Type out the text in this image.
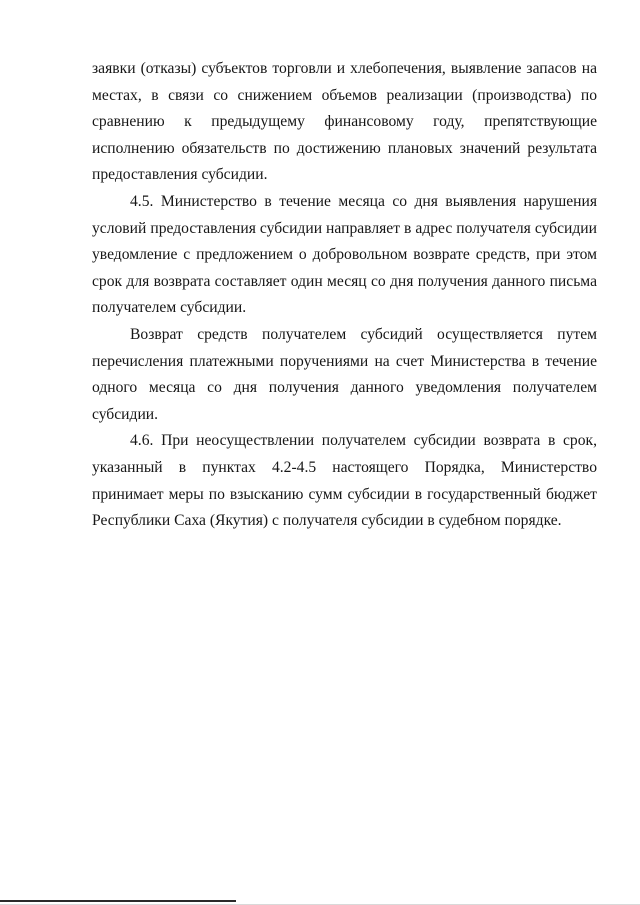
заявки (отказы) субъектов торговли и хлебопечения, выявление запасов на местах, в связи со снижением объемов реализации (производства) по сравнению к предыдущему финансовому году, препятствующие исполнению обязательств по достижению плановых значений результата предоставления субсидии.

4.5. Министерство в течение месяца со дня выявления нарушения условий предоставления субсидии направляет в адрес получателя субсидии уведомление с предложением о добровольном возврате средств, при этом срок для возврата составляет один месяц со дня получения данного письма получателем субсидии.

Возврат средств получателем субсидий осуществляется путем перечисления платежными поручениями на счет Министерства в течение одного месяца со дня получения данного уведомления получателем субсидии.

4.6. При неосуществлении получателем субсидии возврата в срок, указанный в пунктах 4.2-4.5 настоящего Порядка, Министерство принимает меры по взысканию сумм субсидии в государственный бюджет Республики Саха (Якутия) с получателя субсидии в судебном порядке.
